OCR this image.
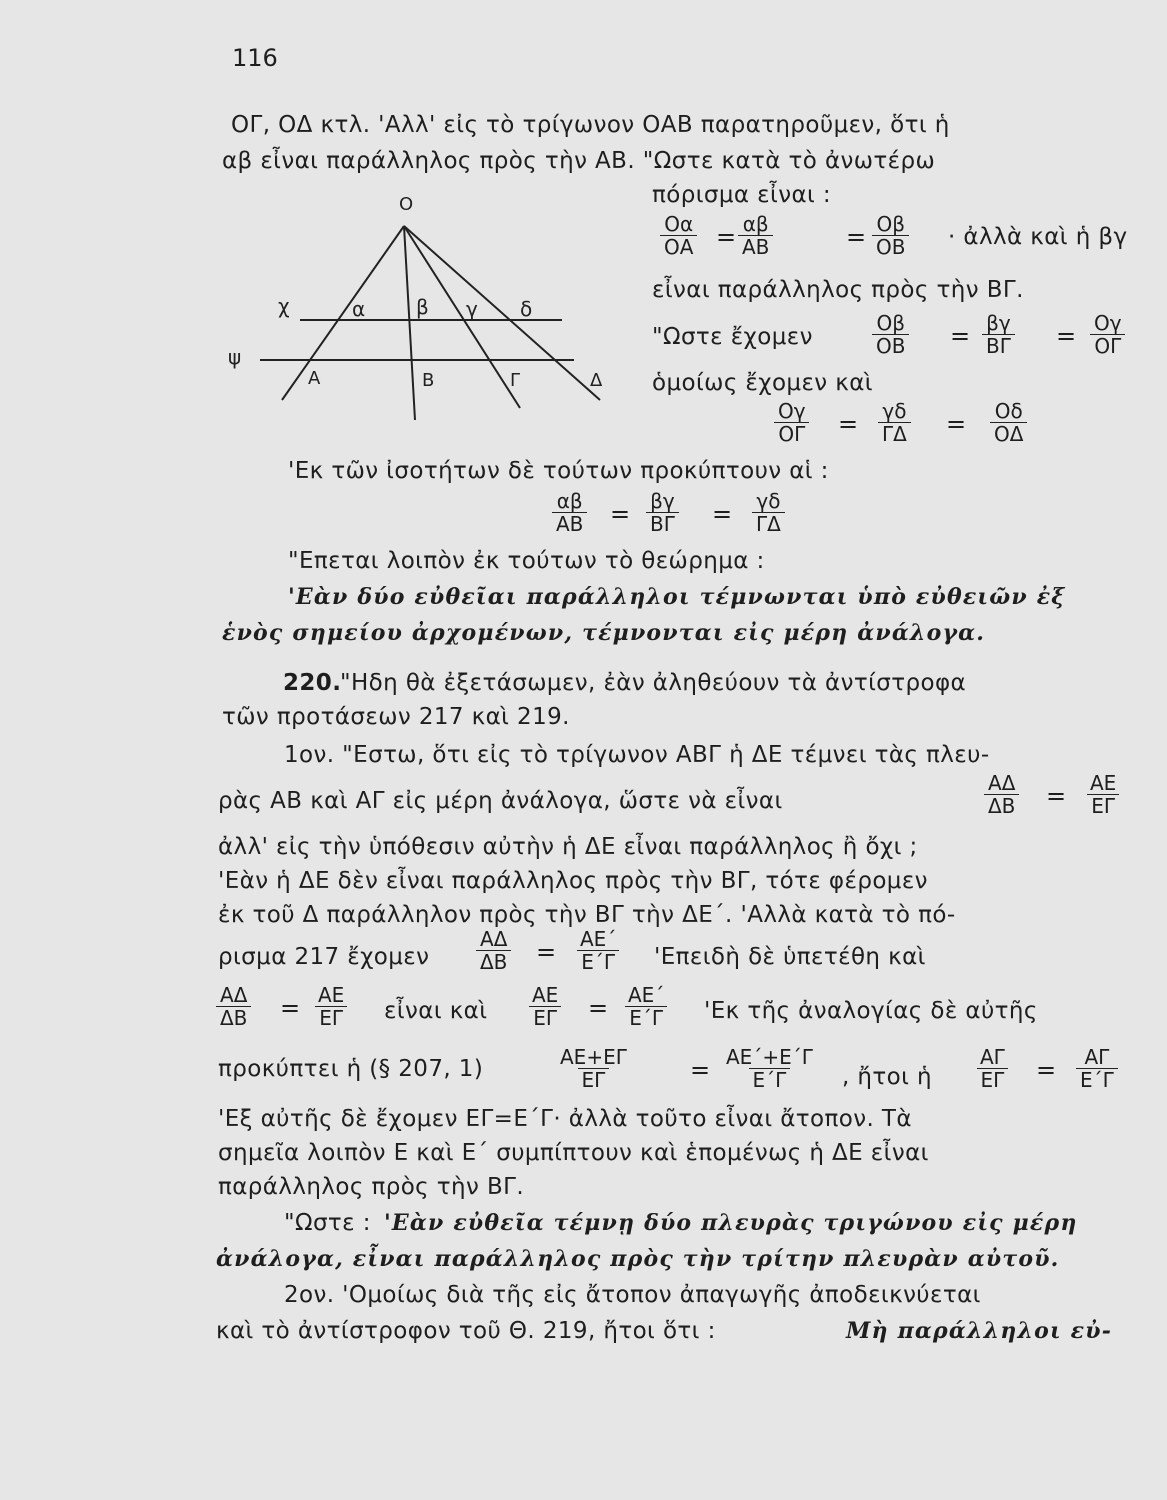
116
ΟΓ, ΟΔ κτλ. 'Αλλ' εἰς τὸ τρίγωνον ΟΑΒ παρατηροῦμεν, ὅτι ἡ
αβ εἶναι παράλληλος πρὸς τὴν ΑΒ. "Ωστε κατὰ τὸ ἀνωτέρω
Ο
χ
ψ
α	β γ δ
Α	Β	Γ	Δ
πόρισμα εἶναι :
Οα
ΟΑ = αβ
ΑΒ	= Οβ
ΟΒ · ἀλλὰ καὶ ἡ βγ
εἶναι παράλληλος πρὸς τὴν ΒΓ.
"Ωστε ἔχομεν
Οβ
ΟΒ = βγ
ΒΓ = Ογ
ΟΓ
ὁμοίως ἔχομεν καὶ
Ογ
ΟΓ = γδ
ΓΔ = Οδ
ΟΔ
'Εκ τῶν ἰσοτήτων δὲ τούτων προκύπτουν αἱ :
αβ
ΑΒ = βγ
ΒΓ = γδ
ΓΔ
"Επεται λοιπὸν ἐκ τούτων τὸ θεώρημα :
'Εὰν δύο εὐθεῖαι παράλληλοι τέμνωνται ὑπὸ εὐθειῶν ἐξ
ἑνὸς σημείου ἀρχομένων, τέμνονται εἰς μέρη ἀνάλογα.
220.
"Ηδη θὰ ἐξετάσωμεν, ἐὰν ἀληθεύουν τὰ ἀντίστροφα
τῶν προτάσεων 217 καὶ 219.
1ον. "Εστω, ὅτι εἰς τὸ τρίγωνον ΑΒΓ ἡ ΔΕ τέμνει τὰς πλευ-
ρὰς ΑΒ καὶ ΑΓ εἰς μέρη ἀνάλογα, ὥστε νὰ εἶναι
ΑΔ
ΔΒ = ΑΕ
ΕΓ
ἀλλ' εἰς τὴν ὑπόθεσιν αὐτὴν ἡ ΔΕ εἶναι παράλληλος ἢ ὄχι ;
'Εὰν ἡ ΔΕ δὲν εἶναι παράλληλος πρὸς τὴν ΒΓ, τότε φέρομεν
ἐκ τοῦ Δ παράλληλον πρὸς τὴν ΒΓ τὴν ΔΕ΄. 'Αλλὰ κατὰ τὸ πό-
ρισμα 217 ἔχομεν
ΑΔ
ΔΒ = ΑΕ΄
Ε΄Γ 'Επειδὴ δὲ ὑπετέθη καὶ
ΑΔ
ΔΒ = ΑΕ
ΕΓ εἶναι καὶ
ΑΕ
ΕΓ = ΑΕ΄
Ε΄Γ 'Εκ τῆς ἀναλογίας δὲ αὐτῆς
προκύπτει ἡ (§ 207, 1)	ΑΕ+ΕΓ
ΕΓ	= ΑΕ΄+Ε΄Γ
Ε΄Γ , ἤτοι ἡ
ΑΓ
ΕΓ = ΑΓ
Ε΄Γ
'Εξ αὐτῆς δὲ ἔχομεν ΕΓ=Ε΄Γ· ἀλλὰ τοῦτο εἶναι ἄτοπον. Τὰ
σημεῖα λοιπὸν Ε καὶ Ε΄ συμπίπτουν καὶ ἑπομένως ἡ ΔΕ εἶναι
παράλληλος πρὸς τὴν ΒΓ.
"Ωστε : 'Εὰν εὐθεῖα τέμνῃ δύο πλευρὰς τριγώνου εἰς μέρη
ἀνάλογα, εἶναι παράλληλος πρὸς τὴν τρίτην πλευρὰν αὐτοῦ.
2ον. 'Ομοίως διὰ τῆς εἰς ἄτοπον ἀπαγωγῆς ἀποδεικνύεται
καὶ τὸ ἀντίστροφον τοῦ Θ. 219, ἤτοι ὅτι :	Μὴ παράλληλοι εὐ-
